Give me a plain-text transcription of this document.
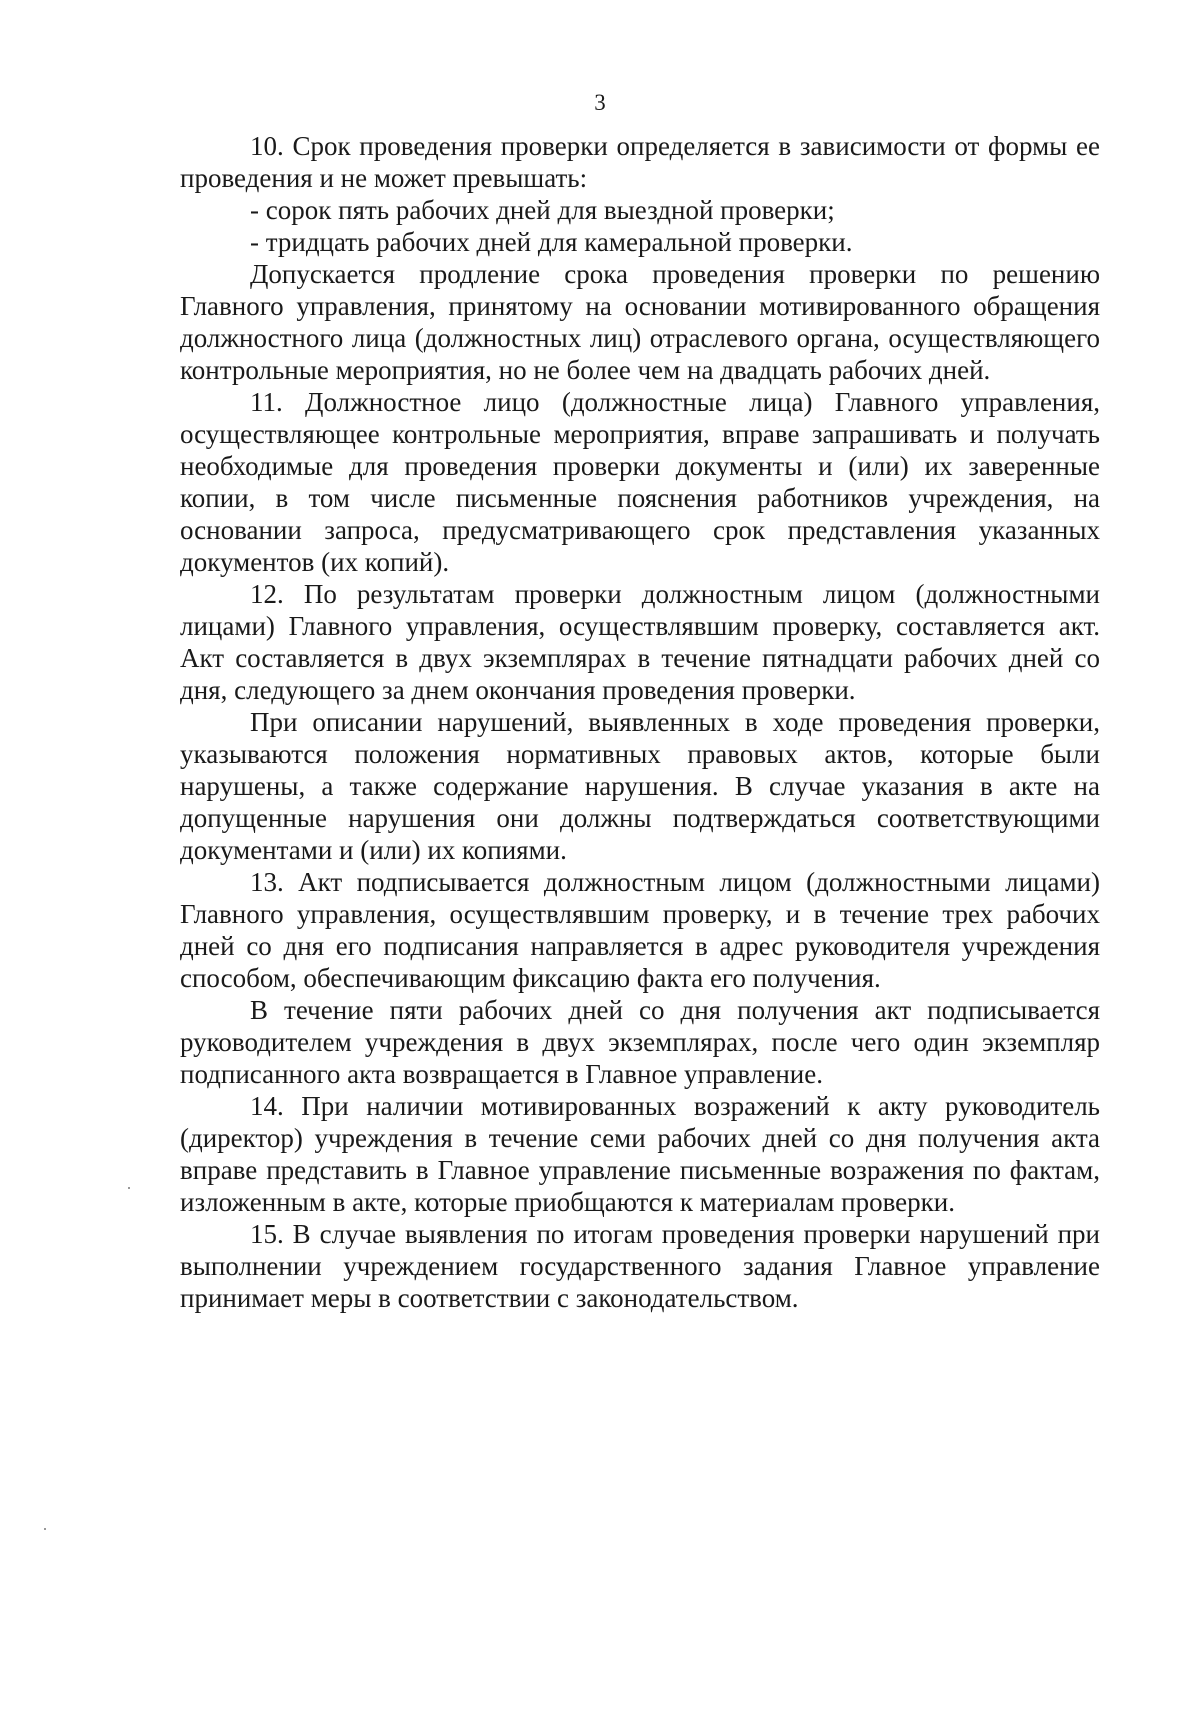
3

10. Срок проведения проверки определяется в зависимости от формы ее проведения и не может превышать:

- сорок пять рабочих дней для выездной проверки;

- тридцать рабочих дней для камеральной проверки.

Допускается продление срока проведения проверки по решению Главного управления, принятому на основании мотивированного обращения должностного лица (должностных лиц) отраслевого органа, осуществляющего контрольные мероприятия, но не более чем на двадцать рабочих дней.

11. Должностное лицо (должностные лица) Главного управления, осуществляющее контрольные мероприятия, вправе запрашивать и получать необходимые для проведения проверки документы и (или) их заверенные копии, в том числе письменные пояснения работников учреждения, на основании запроса, предусматривающего срок представления указанных документов (их копий).

12. По результатам проверки должностным лицом (должностными лицами) Главного управления, осуществлявшим проверку, составляется акт. Акт составляется в двух экземплярах в течение пятнадцати рабочих дней со дня, следующего за днем окончания проведения проверки.

При описании нарушений, выявленных в ходе проведения проверки, указываются положения нормативных правовых актов, которые были нарушены, а также содержание нарушения. В случае указания в акте на допущенные нарушения они должны подтверждаться соответствующими документами и (или) их копиями.

13. Акт подписывается должностным лицом (должностными лицами) Главного управления, осуществлявшим проверку, и в течение трех рабочих дней со дня его подписания направляется в адрес руководителя учреждения способом, обеспечивающим фиксацию факта его получения.

В течение пяти рабочих дней со дня получения акт подписывается руководителем учреждения в двух экземплярах, после чего один экземпляр подписанного акта возвращается в Главное управление.

14. При наличии мотивированных возражений к акту руководитель (директор) учреждения в течение семи рабочих дней со дня получения акта вправе представить в Главное управление письменные возражения по фактам, изложенным в акте, которые приобщаются к материалам проверки.

15. В случае выявления по итогам проведения проверки нарушений при выполнении учреждением государственного задания Главное управление принимает меры в соответствии с законодательством.
